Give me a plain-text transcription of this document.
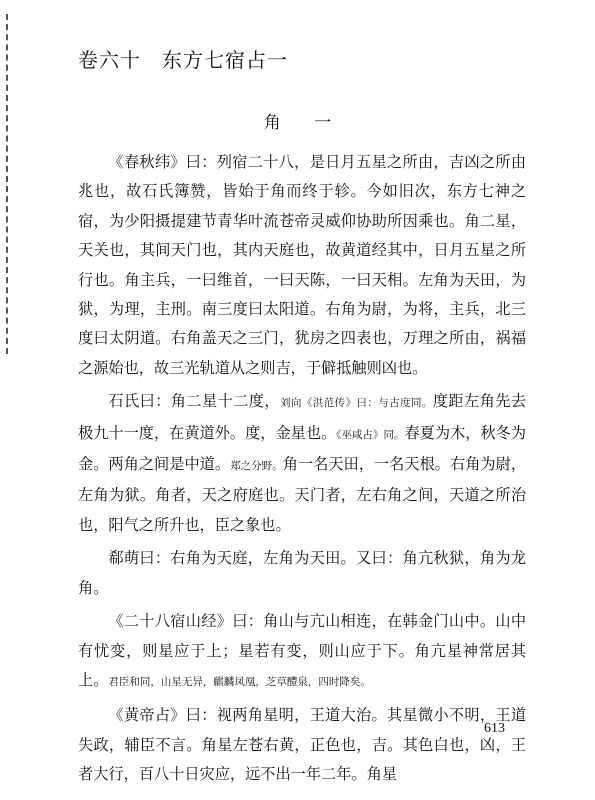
卷六十　东方七宿占一
角 一

《春秋纬》曰：列宿二十八，是日月五星之所由，吉凶之所由兆也，故石氏簿赞，皆始于角而终于轸。今如旧次，东方七神之宿，为少阳摄提建节青华叶流苍帝灵威仰协助所因乘也。角二星，天关也，其间天门也，其内天庭也，故黄道经其中，日月五星之所行也。角主兵，一曰维首，一曰天陈，一曰天相。左角为天田，为狱，为理，主刑。南三度曰太阳道。右角为尉，为将，主兵，北三度曰太阴道。右角盖天之三门，犹房之四表也，万理之所由，祸福之源始也，故三光轨道从之则吉，于僻抵触则凶也。

石氏曰：角二星十二度，刘向《洪范传》曰：与古度同。度距左角先去极九十一度，在黄道外。度，金星也。《巫咸占》同。春夏为木，秋冬为金。两角之间是中道。郑之分野。角一名天田，一名天根。右角为尉，左角为狱。角者，天之府庭也。天门者，左右角之间，天道之所治也，阳气之所升也，臣之象也。

郗萌曰：右角为天庭，左角为天田。又曰：角亢秋狱，角为龙角。

《二十八宿山经》曰：角山与亢山相连，在韩金门山中。山中有忧变，则星应于上；星若有变，则山应于下。角亢星神常居其上。君臣和同，山星无异，麒麟凤凰，芝草醴泉，四时降矣。

《黄帝占》曰：视两角星明，王道大治。其星微小不明，王道失政，辅臣不言。角星左苍右黄，正色也，吉。其色白也，凶，王者大行，百八十日灾应，远不出一年二年。角星

613
